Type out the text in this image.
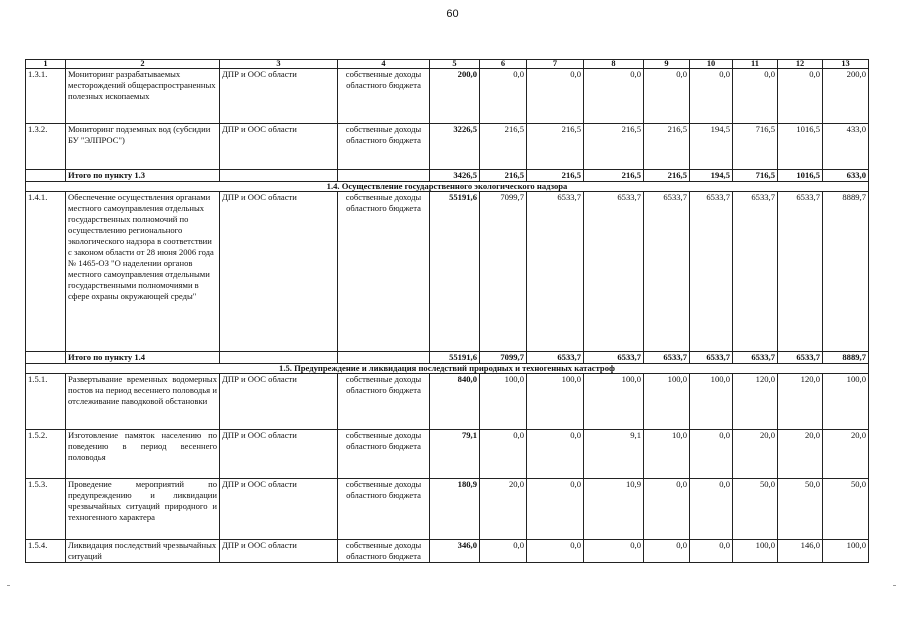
60
1	2	3	4	5	6	7	8	9	10	11	12	13
1.3.1.	Мониторинг разрабатываемых месторождений общераспространенных полезных ископаемых	ДПР и ООС области	собственные доходы областного бюджета	200,0	0,0	0,0	0,0	0,0	0,0	0,0	0,0	200,0
1.3.2.	Мониторинг подземных вод (субсидии БУ "ЭЛПРОС")	ДПР и ООС области	собственные доходы областного бюджета	3226,5	216,5	216,5	216,5	216,5	194,5	716,5	1016,5	433,0
	Итого по пункту 1.3			3426,5	216,5	216,5	216,5	216,5	194,5	716,5	1016,5	633,0
1.4. Осуществление государственного экологического надзора												
1.4.1.	Обеспечение осуществления органами местного самоуправления отдельных государственных полномочий по осуществлению регионального экологического надзора в соответствии с законом области от 28 июня 2006 года № 1465-ОЗ "О наделении органов местного самоуправления отдельными государственными полномочиями в сфере охраны окружающей среды"	ДПР и ООС области	собственные доходы областного бюджета	55191,6	7099,7	6533,7	6533,7	6533,7	6533,7	6533,7	6533,7	8889,7
	Итого по пункту 1.4			55191,6	7099,7	6533,7	6533,7	6533,7	6533,7	6533,7	6533,7	8889,7
1.5. Предупреждение и ликвидация последствий природных и техногенных катастроф												
1.5.1.	Развертывание временных водомерных постов на период весеннего половодья и отслеживание паводковой обстановки	ДПР и ООС области	собственные доходы областного бюджета	840,0	100,0	100,0	100,0	100,0	100,0	120,0	120,0	100,0
1.5.2.	Изготовление памяток населению по поведению в период весеннего половодья	ДПР и ООС области	собственные доходы областного бюджета	79,1	0,0	0,0	9,1	10,0	0,0	20,0	20,0	20,0
1.5.3.	Проведение мероприятий по предупреждению и ликвидации чрезвычайных ситуаций природного и техногенного характера	ДПР и ООС области	собственные доходы областного бюджета	180,9	20,0	0,0	10,9	0,0	0,0	50,0	50,0	50,0
1.5.4.	Ликвидация последствий чрезвычайных ситуаций	ДПР и ООС области	собственные доходы областного бюджета	346,0	0,0	0,0	0,0	0,0	0,0	100,0	146,0	100,0
